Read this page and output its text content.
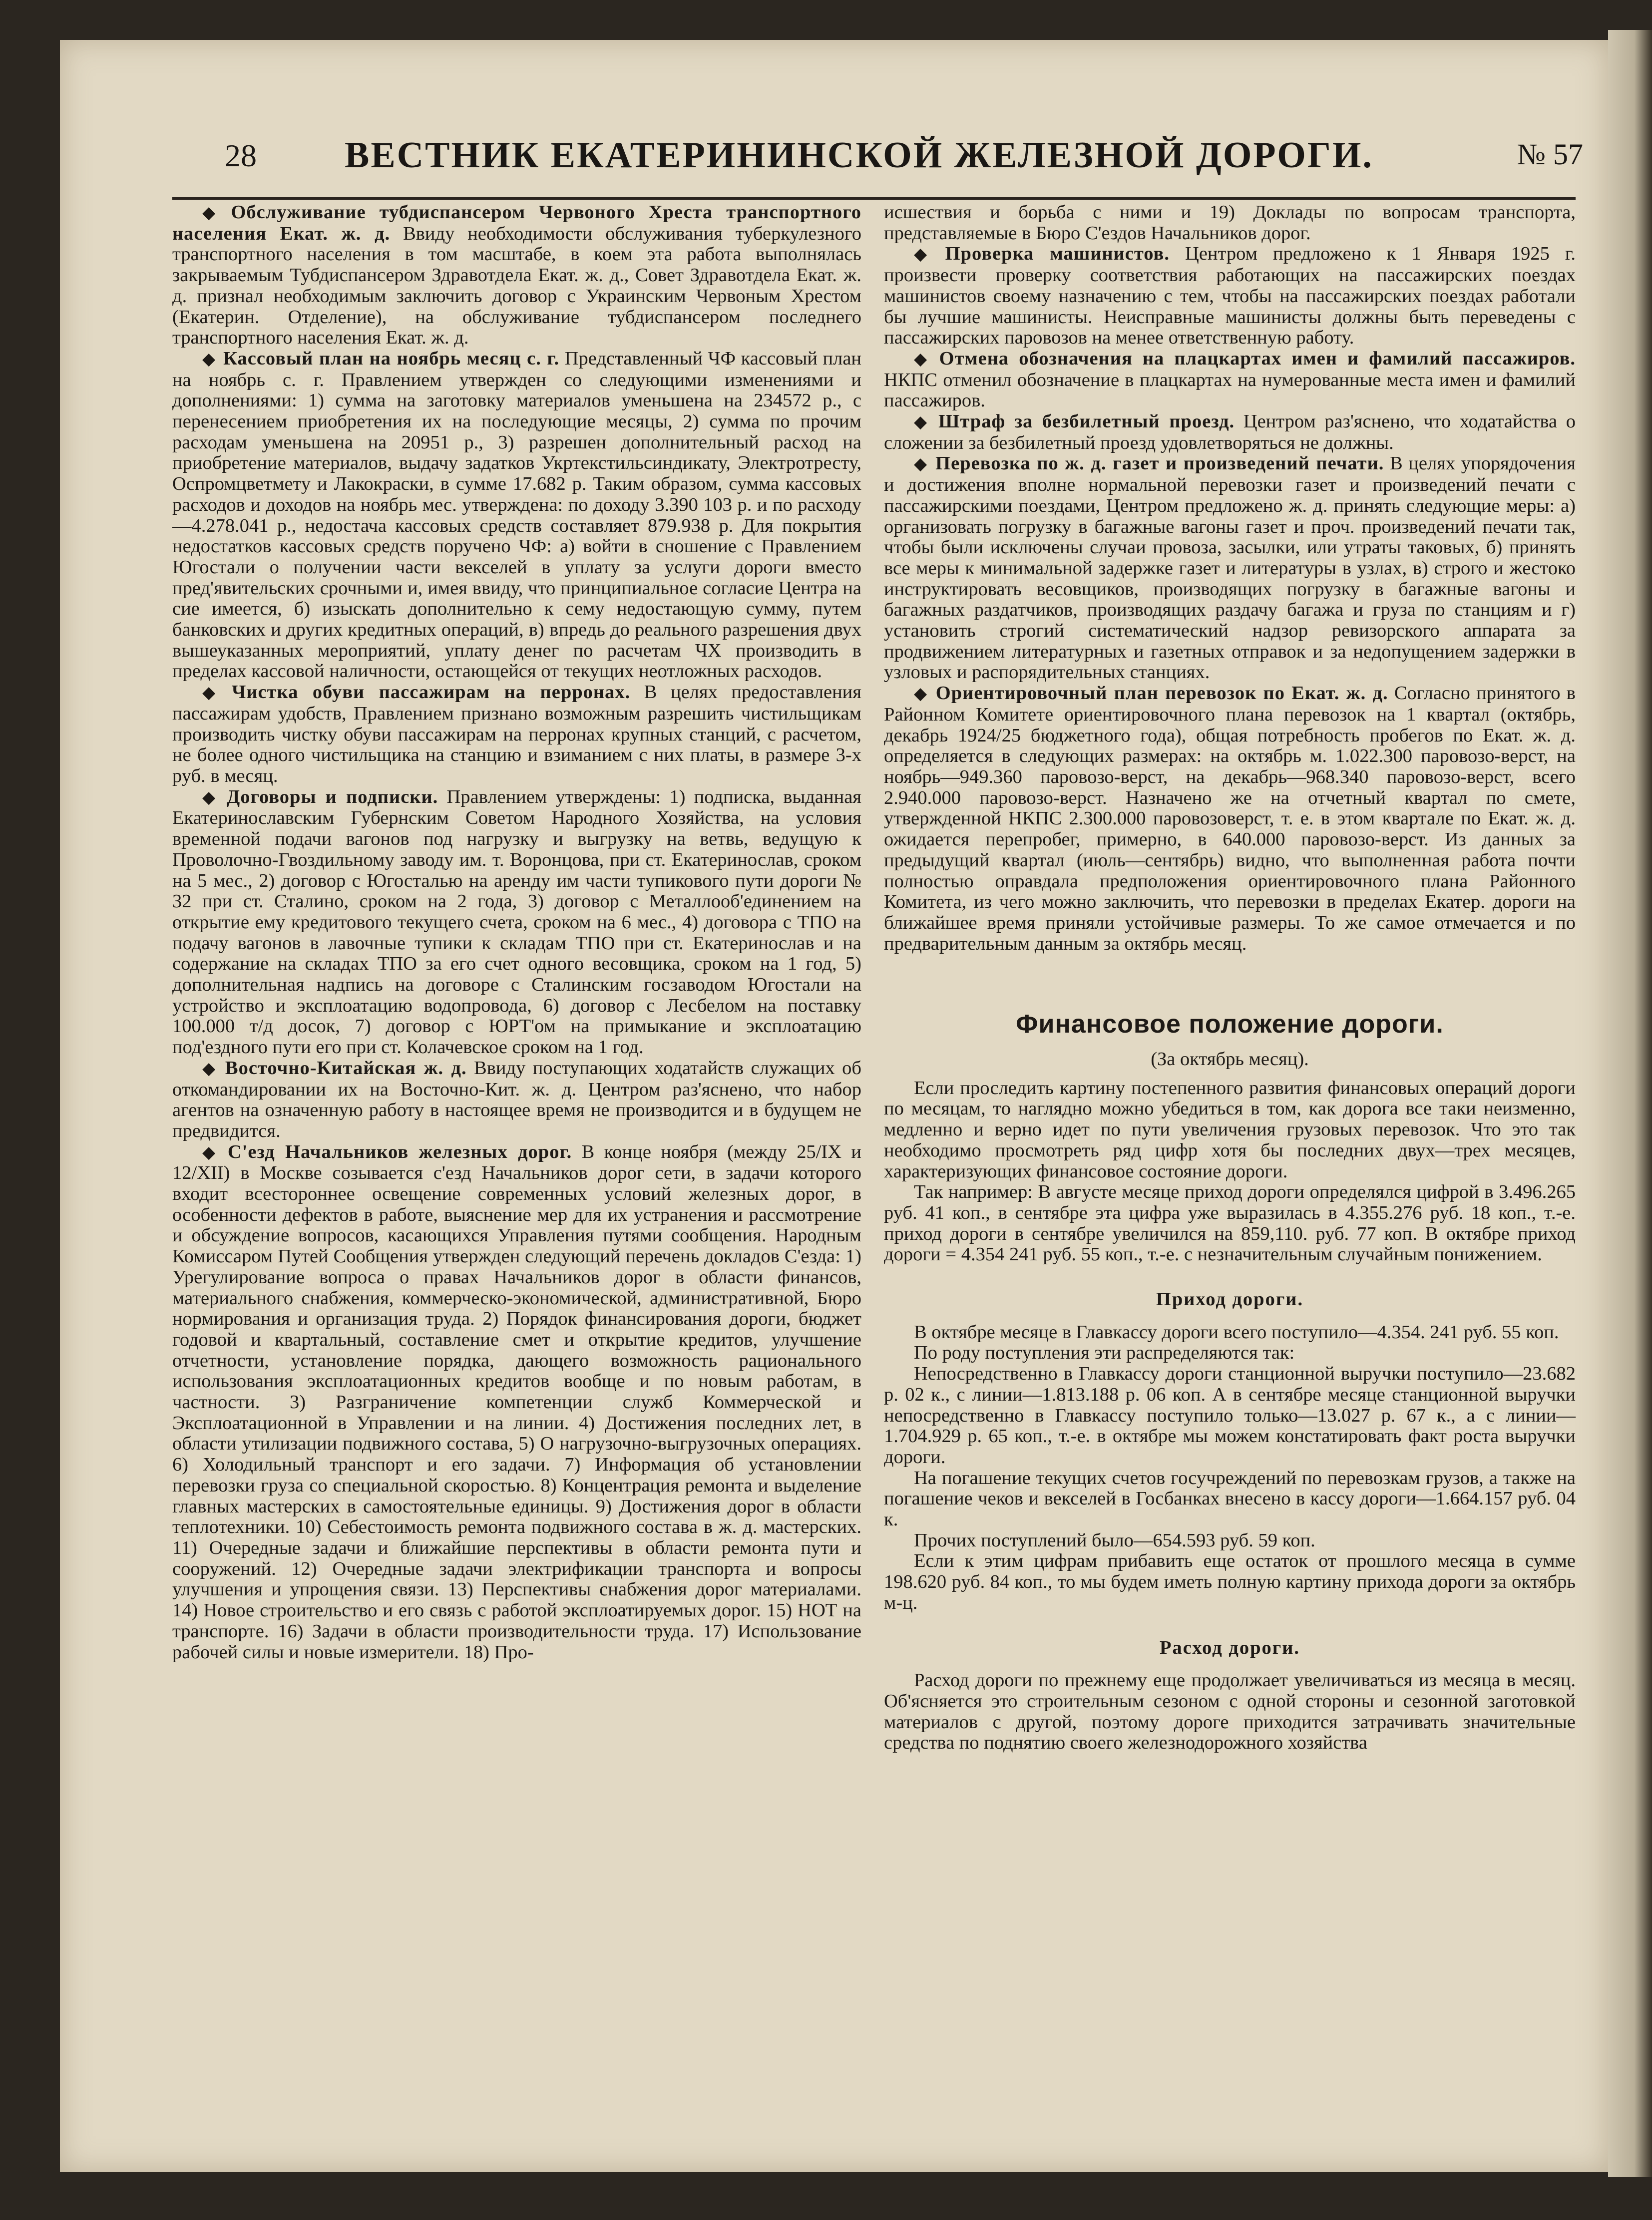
28 ВЕСТНИК ЕКАТЕРИНИНСКОЙ ЖЕЛЕЗНОЙ ДОРОГИ.	№ 57

◆ Обслуживание тубдиспансером Червоного Хреста транспортного населения Екат. ж. д. Ввиду необходимости обслуживания туберкулезного транспортного населения в том масштабе, в коем эта работа выполнялась закрываемым Тубдиспансером Здравотдела Екат. ж. д., Совет Здравотдела Екат. ж. д. признал необходимым заключить договор с Украинским Червоным Хрестом (Екатерин. Отделение), на обслуживание тубдиспансером последнего транспортного населения Екат. ж. д.

◆ Кассовый план на ноябрь месяц с. г. Представленный ЧФ кассовый план на ноябрь с. г. Правлением утвержден со следующими изменениями и дополнениями: 1) сумма на заготовку материалов уменьшена на 234572 р., с перенесением приобретения их на последующие месяцы, 2) сумма по прочим расходам уменьшена на 20951 р., 3) разрешен дополнительный расход на приобретение материалов, выдачу задатков Укртекстильсиндикату, Электротресту, Оспромцветмету и Лакокраски, в сумме 17.682 р. Таким образом, сумма кассовых расходов и доходов на ноябрь мес. утверждена: по доходу 3.390 103 р. и по расходу—4.278.041 р., недостача кассовых средств составляет 879.938 р. Для покрытия недостатков кассовых средств поручено ЧФ: а) войти в сношение с Правлением Югостали о получении части векселей в уплату за услуги дороги вместо пред'явительских срочными и, имея ввиду, что принципиальное согласие Центра на сие имеется, б) изыскать дополнительно к сему недостающую сумму, путем банковских и других кредитных операций, в) впредь до реального разрешения двух вышеуказанных мероприятий, уплату денег по расчетам ЧХ производить в пределах кассовой наличности, остающейся от текущих неотложных расходов.

◆ Чистка обуви пассажирам на перронах. В целях предоставления пассажирам удобств, Правлением признано возможным разрешить чистильщикам производить чистку обуви пассажирам на перронах крупных станций, с расчетом, не более одного чистильщика на станцию и взиманием с них платы, в размере 3-х руб. в месяц.

◆ Договоры и подписки. Правлением утверждены: 1) подписка, выданная Екатеринославским Губернским Советом Народного Хозяйства, на условия временной подачи вагонов под нагрузку и выгрузку на ветвь, ведущую к Проволочно-Гвоздильному заводу им. т. Воронцова, при ст. Екатеринослав, сроком на 5 мес., 2) договор с Югосталью на аренду им части тупикового пути дороги № 32 при ст. Сталино, сроком на 2 года, 3) договор с Металлооб'единением на открытие ему кредитового текущего счета, сроком на 6 мес., 4) договора с ТПО на подачу вагонов в лавочные тупики к складам ТПО при ст. Екатеринослав и на содержание на складах ТПО за его счет одного весовщика, сроком на 1 год, 5) дополнительная надпись на договоре с Сталинским госзаводом Югостали на устройство и эксплоатацию водопровода, 6) договор с Лесбелом на поставку 100.000 т/д досок, 7) договор с ЮРТ'ом на примыкание и эксплоатацию под'ездного пути его при ст. Колачевское сроком на 1 год.

◆ Восточно-Китайская ж. д. Ввиду поступающих ходатайств служащих об откомандировании их на Восточно-Кит. ж. д. Центром раз'яснено, что набор агентов на означенную работу в настоящее время не производится и в будущем не предвидится.

◆ С'езд Начальников железных дорог. В конце ноября (между 25/IX и 12/XII) в Москве созывается с'езд Начальников дорог сети, в задачи которого входит всестороннее освещение современных условий железных дорог, в особенности дефектов в работе, выяснение мер для их устранения и рассмотрение и обсуждение вопросов, касающихся Управления путями сообщения. Народным Комиссаром Путей Сообщения утвержден следующий перечень докладов С'езда: 1) Урегулирование вопроса о правах Начальников дорог в области финансов, материального снабжения, коммерческо-экономической, административной, Бюро нормирования и организация труда. 2) Порядок финансирования дороги, бюджет годовой и квартальный, составление смет и открытие кредитов, улучшение отчетности, установление порядка, дающего возможность рационального использования эксплоатационных кредитов вообще и по новым работам, в частности. 3) Разграничение компетенции служб Коммерческой и Эксплоатационной в Управлении и на линии. 4) Достижения последних лет, в области утилизации подвижного состава, 5) О нагрузочно-выгрузочных операциях. 6) Холодильный транспорт и его задачи. 7) Информация об установлении перевозки груза со специальной скоростью. 8) Концентрация ремонта и выделение главных мастерских в самостоятельные единицы. 9) Достижения дорог в области теплотехники. 10) Себестоимость ремонта подвижного состава в ж. д. мастерских. 11) Очередные задачи и ближайшие перспективы в области ремонта пути и сооружений. 12) Очередные задачи электрификации транспорта и вопросы улучшения и упрощения связи. 13) Перспективы снабжения дорог материалами. 14) Новое строительство и его связь с работой эксплоатируемых дорог. 15) НОТ на транспорте. 16) Задачи в области производительности труда. 17) Использование рабочей силы и новые измерители. 18) Про-

исшествия и борьба с ними и 19) Доклады по вопросам транспорта, представляемые в Бюро С'ездов Начальников дорог.

◆ Проверка машинистов. Центром предложено к 1 Января 1925 г. произвести проверку соответствия работающих на пассажирских поездах машинистов своему назначению с тем, чтобы на пассажирских поездах работали бы лучшие машинисты. Неисправные машинисты должны быть переведены с пассажирских паровозов на менее ответственную работу.

◆ Отмена обозначения на плацкартах имен и фамилий пассажиров. НКПС отменил обозначение в плацкартах на нумерованные места имен и фамилий пассажиров.

◆ Штраф за безбилетный проезд. Центром раз'яснено, что ходатайства о сложении за безбилетный проезд удовлетворяться не должны.

◆ Перевозка по ж. д. газет и произведений печати. В целях упорядочения и достижения вполне нормальной перевозки газет и произведений печати с пассажирскими поездами, Центром предложено ж. д. принять следующие меры: а) организовать погрузку в багажные вагоны газет и проч. произведений печати так, чтобы были исключены случаи провоза, засылки, или утраты таковых, б) принять все меры к минимальной задержке газет и литературы в узлах, в) строго и жестоко инструктировать весовщиков, производящих погрузку в багажные вагоны и багажных раздатчиков, производящих раздачу багажа и груза по станциям и г) установить строгий систематический надзор ревизорского аппарата за продвижением литературных и газетных отправок и за недопущением задержки в узловых и распорядительных станциях.

◆ Ориентировочный план перевозок по Екат. ж. д. Согласно принятого в Районном Комитете ориентировочного плана перевозок на 1 квартал (октябрь, декабрь 1924/25 бюджетного года), общая потребность пробегов по Екат. ж. д. определяется в следующих размерах: на октябрь м. 1.022.300 паровозо-верст, на ноябрь—949.360 паровозо-верст, на декабрь—968.340 паровозо-верст, всего 2.940.000 паровозо-верст. Назначено же на отчетный квартал по смете, утвержденной НКПС 2.300.000 паровозоверст, т. е. в этом квартале по Екат. ж. д. ожидается перепробег, примерно, в 640.000 паровозо-верст. Из данных за предыдущий квартал (июль—сентябрь) видно, что выполненная работа почти полностью оправдала предположения ориентировочного плана Районного Комитета, из чего можно заключить, что перевозки в пределах Екатер. дороги на ближайшее время приняли устойчивые размеры. То же самое отмечается и по предварительным данным за октябрь месяц.

Финансовое положение дороги.
(За октябрь месяц).

Если проследить картину постепенного развития финансовых операций дороги по месяцам, то наглядно можно убедиться в том, как дорога все таки неизменно, медленно и верно идет по пути увеличения грузовых перевозок. Что это так необходимо просмотреть ряд цифр хотя бы последних двух—трех месяцев, характеризующих финансовое состояние дороги.

Так например: В августе месяце приход дороги определялся цифрой в 3.496.265 руб. 41 коп., в сентябре эта цифра уже выразилась в 4.355.276 руб. 18 коп., т.-е. приход дороги в сентябре увеличился на 859,110. руб. 77 коп. В октябре приход дороги = 4.354 241 руб. 55 коп., т.-е. с незначительным случайным понижением.

Приход дороги.

В октябре месяце в Главкассу дороги всего поступило—4.354. 241 руб. 55 коп.

По роду поступления эти распределяются так:

Непосредственно в Главкассу дороги станционной выручки поступило—23.682 р. 02 к., с линии—1.813.188 р. 06 коп. А в сентябре месяце станционной выручки непосредственно в Главкассу поступило только—13.027 р. 67 к., а с линии—1.704.929 р. 65 коп., т.-е. в октябре мы можем констатировать факт роста выручки дороги.

На погашение текущих счетов госучреждений по перевозкам грузов, а также на погашение чеков и векселей в Госбанках внесено в кассу дороги—1.664.157 руб. 04 к.

Прочих поступлений было—654.593 руб. 59 коп.

Если к этим цифрам прибавить еще остаток от прошлого месяца в сумме 198.620 руб. 84 коп., то мы будем иметь полную картину прихода дороги за октябрь м-ц.

Расход дороги.

Расход дороги по прежнему еще продолжает увеличиваться из месяца в месяц. Об'ясняется это строительным сезоном с одной стороны и сезонной заготовкой материалов с другой, поэтому дороге приходится затрачивать значительные средства по поднятию своего железнодорожного хозяйства
